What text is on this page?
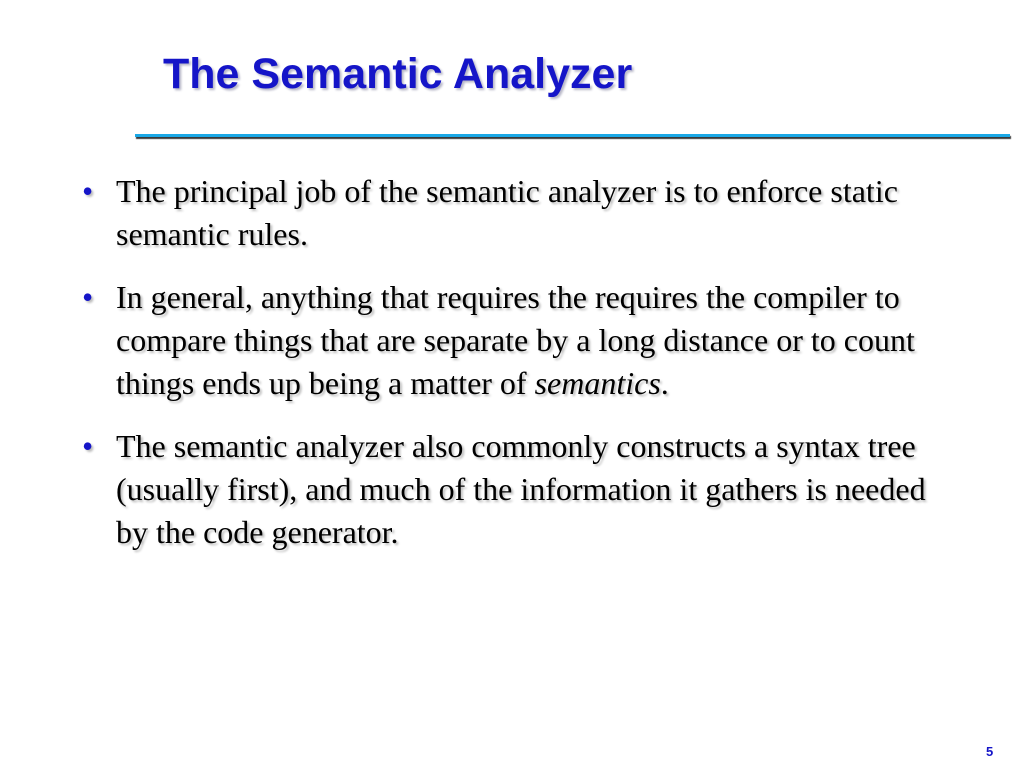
The Semantic Analyzer
• The principal job of the semantic analyzer is to enforce static semantic rules.
• In general, anything that requires the requires the compiler to compare things that are separate by a long distance or to count things ends up being a matter of semantics.
• The semantic analyzer also commonly constructs a syntax tree (usually first), and much of the information it gathers is needed by the code generator.
5
